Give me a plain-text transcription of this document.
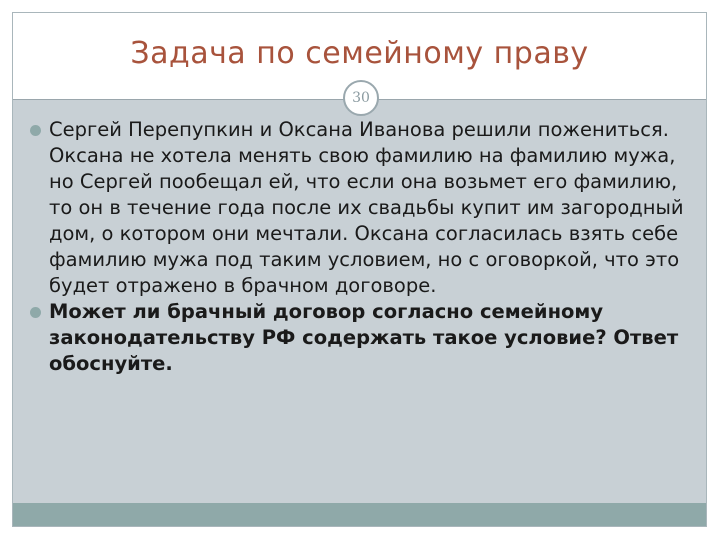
Задача по семейному праву
30
Сергей Перепупкин и Оксана Иванова решили пожениться. Оксана не хотела менять свою фамилию на фамилию мужа, но Сергей пообещал ей, что если она возьмет его фамилию, то он в течение года после их свадьбы купит им загородный дом, о котором они мечтали. Оксана согласилась взять себе фамилию мужа под таким условием, но с оговоркой, что это будет отражено в брачном договоре.
Может ли брачный договор согласно семейному законодательству РФ содержать такое условие? Ответ обоснуйте.
